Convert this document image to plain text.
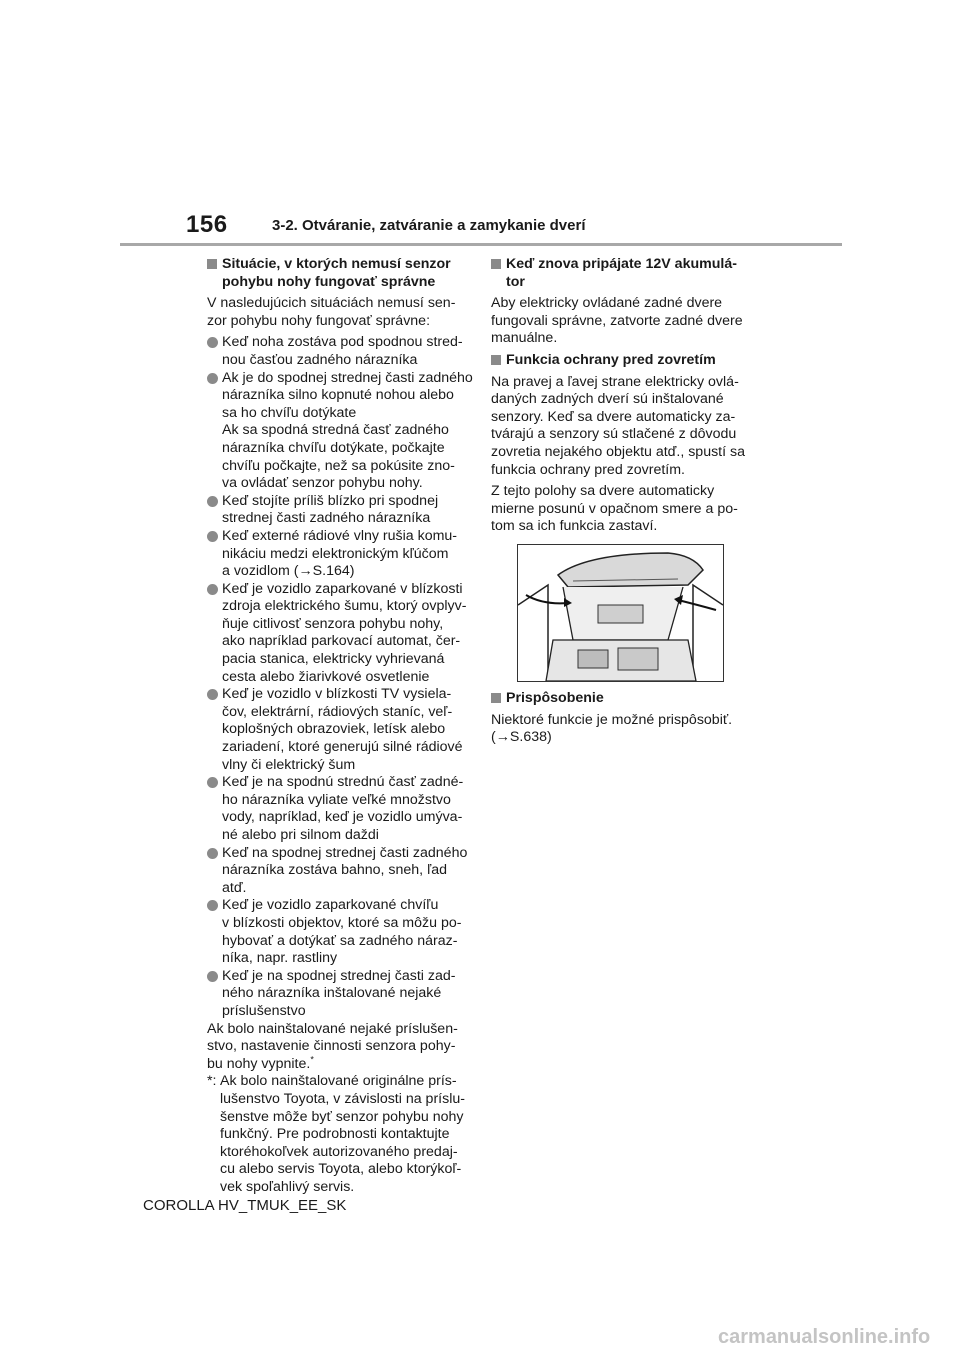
156	3-2. Otváranie, zatváranie a zamykanie dverí
Situácie, v ktorých nemusí senzor
pohybu nohy fungovať správne
V nasledujúcich situáciách nemusí sen-
zor pohybu nohy fungovať správne:
Keď noha zostáva pod spodnou stred-
nou časťou zadného nárazníka
Ak je do spodnej strednej časti zadného
nárazníka silno kopnuté nohou alebo
sa ho chvíľu dotýkate
Ak sa spodná stredná časť zadného
nárazníka chvíľu dotýkate, počkajte
chvíľu počkajte, než sa pokúsite zno-
va ovládať senzor pohybu nohy.
Keď stojíte príliš blízko pri spodnej
strednej časti zadného nárazníka
Keď externé rádiové vlny rušia komu-
nikáciu medzi elektronickým kľúčom
a vozidlom (→S.164)
Keď je vozidlo zaparkované v blízkosti
zdroja elektrického šumu, ktorý ovplyv-
ňuje citlivosť senzora pohybu nohy,
ako napríklad parkovací automat, čer-
pacia stanica, elektricky vyhrievaná
cesta alebo žiarivkové osvetlenie
Keď je vozidlo v blízkosti TV vysiela-
čov, elektrární, rádiových staníc, veľ-
koplošných obrazoviek, letísk alebo
zariadení, ktoré generujú silné rádiové
vlny či elektrický šum
Keď je na spodnú strednú časť zadné-
ho nárazníka vyliate veľké množstvo
vody, napríklad, keď je vozidlo umýva-
né alebo pri silnom daždi
Keď na spodnej strednej časti zadného
nárazníka zostáva bahno, sneh, ľad atď.
Keď je vozidlo zaparkované chvíľu
v blízkosti objektov, ktoré sa môžu po-
hybovať a dotýkať sa zadného náraz-
níka, napr. rastliny
Keď je na spodnej strednej časti zad-
ného nárazníka inštalované nejaké
príslušenstvo
Ak bolo nainštalované nejaké príslušen-
stvo, nastavenie činnosti senzora pohy-
bu nohy vypnite.*
*: Ak bolo nainštalované originálne prís-
lušenstvo Toyota, v závislosti na príslu-
šenstve môže byť senzor pohybu nohy
funkčný. Pre podrobnosti kontaktujte
ktoréhokoľvek autorizovaného predaj-
cu alebo servis Toyota, alebo ktorýkoľ-
vek spoľahlivý servis.
Keď znova pripájate 12V akumulá-
tor
Aby elektricky ovládané zadné dvere
fungovali správne, zatvorte zadné dvere
manuálne.
Funkcia ochrany pred zovretím
Na pravej a ľavej strane elektricky ovlá-
daných zadných dverí sú inštalované
senzory. Keď sa dvere automaticky za-
tvárajú a senzory sú stlačené z dôvodu
zovretia nejakého objektu atď., spustí sa
funkcia ochrany pred zovretím.
Z tejto polohy sa dvere automaticky
mierne posunú v opačnom smere a po-
tom sa ich funkcia zastaví.
Prispôsobenie
Niektoré funkcie je možné prispôsobiť.
(→S.638)
COROLLA HV_TMUK_EE_SK
carmanualsonline.info
